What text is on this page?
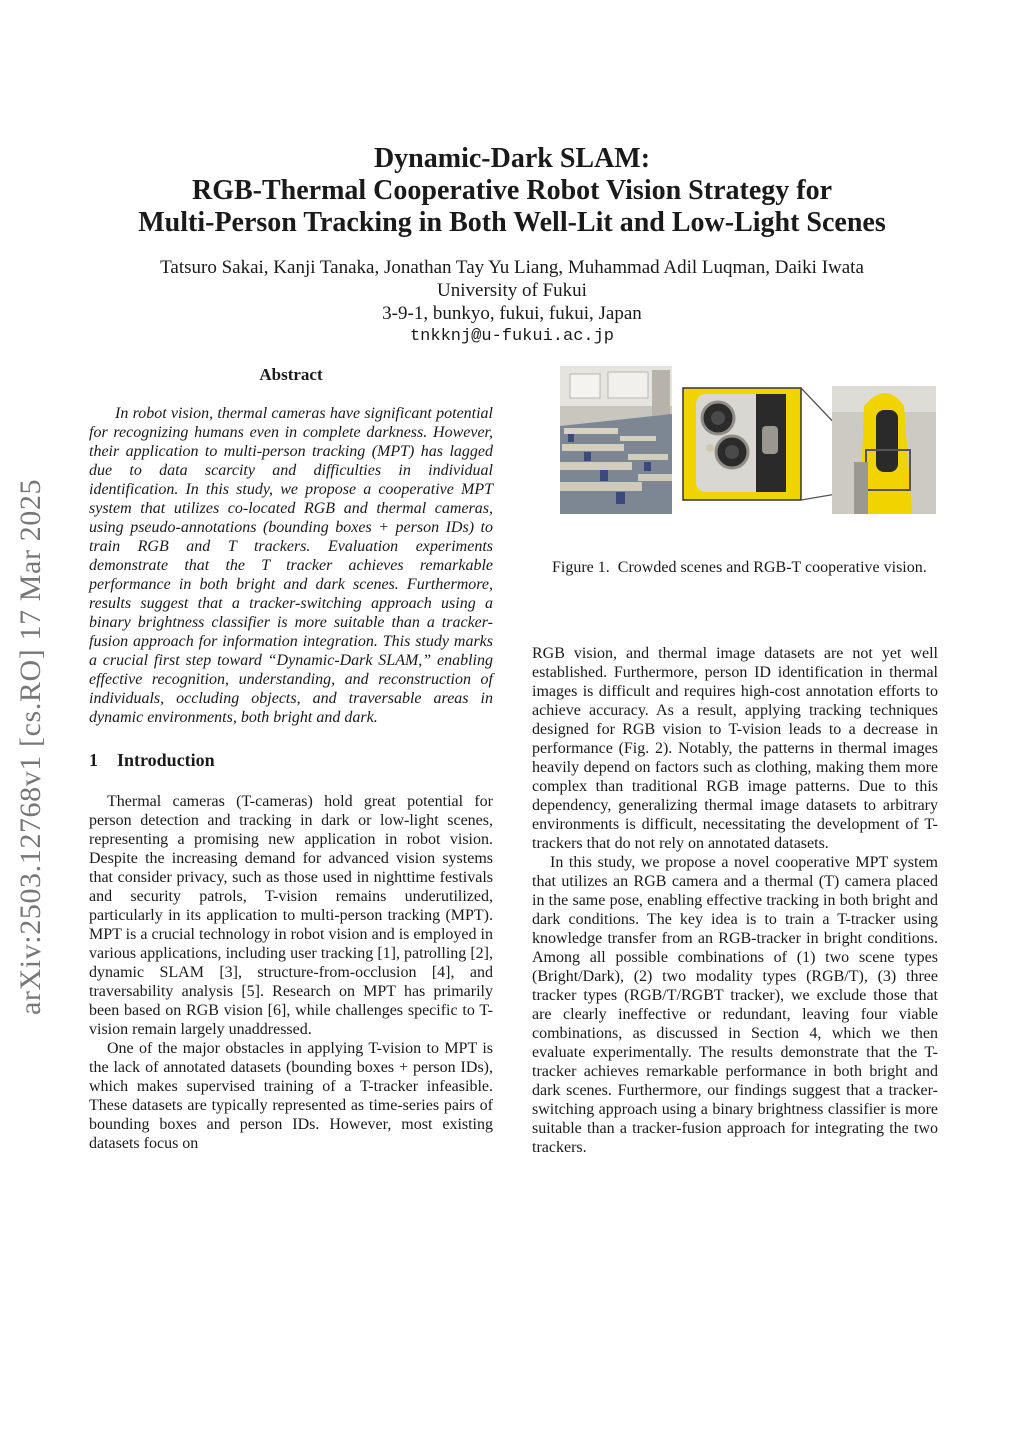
arXiv:2503.12768v1 [cs.RO] 17 Mar 2025

Dynamic-Dark SLAM:

RGB-Thermal Cooperative Robot Vision Strategy for

Multi-Person Tracking in Both Well-Lit and Low-Light Scenes

Tatsuro Sakai, Kanji Tanaka, Jonathan Tay Yu Liang, Muhammad Adil Luqman, Daiki Iwata
University of Fukui
3-9-1, bunkyo, fukui, fukui, Japan
tnkknj@u-fukui.ac.jp
Abstract

In robot vision, thermal cameras have significant potential for recognizing humans even in complete darkness. However, their application to multi-person tracking (MPT) has lagged due to data scarcity and difficulties in individual identification. In this study, we propose a cooperative MPT system that utilizes co-located RGB and thermal cameras, using pseudo-annotations (bounding boxes + person IDs) to train RGB and T trackers. Evaluation experiments demonstrate that the T tracker achieves remarkable performance in both bright and dark scenes. Furthermore, results suggest that a tracker-switching approach using a binary brightness classifier is more suitable than a tracker-fusion approach for information integration. This study marks a crucial first step toward “Dynamic-Dark SLAM,” enabling effective recognition, understanding, and reconstruction of individuals, occluding objects, and traversable areas in dynamic environments, both bright and dark.

1 Introduction

Thermal cameras (T-cameras) hold great potential for person detection and tracking in dark or low-light scenes, representing a promising new application in robot vision. Despite the increasing demand for advanced vision systems that consider privacy, such as those used in nighttime festivals and security patrols, T-vision remains underutilized, particularly in its application to multi-person tracking (MPT). MPT is a crucial technology in robot vision and is employed in various applications, including user tracking [1], patrolling [2], dynamic SLAM [3], structure-from-occlusion [4], and traversability analysis [5]. Research on MPT has primarily been based on RGB vision [6], while challenges specific to T-vision remain largely unaddressed.

One of the major obstacles in applying T-vision to MPT is the lack of annotated datasets (bounding boxes + person IDs), which makes supervised training of a T-tracker infeasible. These datasets are typically represented as time-series pairs of bounding boxes and person IDs. However, most existing datasets focus on

Figure 1. Crowded scenes and RGB-T cooperative vision.

RGB vision, and thermal image datasets are not yet well established. Furthermore, person ID identification in thermal images is difficult and requires high-cost annotation efforts to achieve accuracy. As a result, applying tracking techniques designed for RGB vision to T-vision leads to a decrease in performance (Fig. 2). Notably, the patterns in thermal images heavily depend on factors such as clothing, making them more complex than traditional RGB image patterns. Due to this dependency, generalizing thermal image datasets to arbitrary environments is difficult, necessitating the development of T-trackers that do not rely on annotated datasets.

In this study, we propose a novel cooperative MPT system that utilizes an RGB camera and a thermal (T) camera placed in the same pose, enabling effective tracking in both bright and dark conditions. The key idea is to train a T-tracker using knowledge transfer from an RGB-tracker in bright conditions. Among all possible combinations of (1) two scene types (Bright/Dark), (2) two modality types (RGB/T), (3) three tracker types (RGB/T/RGBT tracker), we exclude those that are clearly ineffective or redundant, leaving four viable combinations, as discussed in Section 4, which we then evaluate experimentally. The results demonstrate that the T-tracker achieves remarkable performance in both bright and dark scenes. Furthermore, our findings suggest that a tracker-switching approach using a binary brightness classifier is more suitable than a tracker-fusion approach for integrating the two trackers.
